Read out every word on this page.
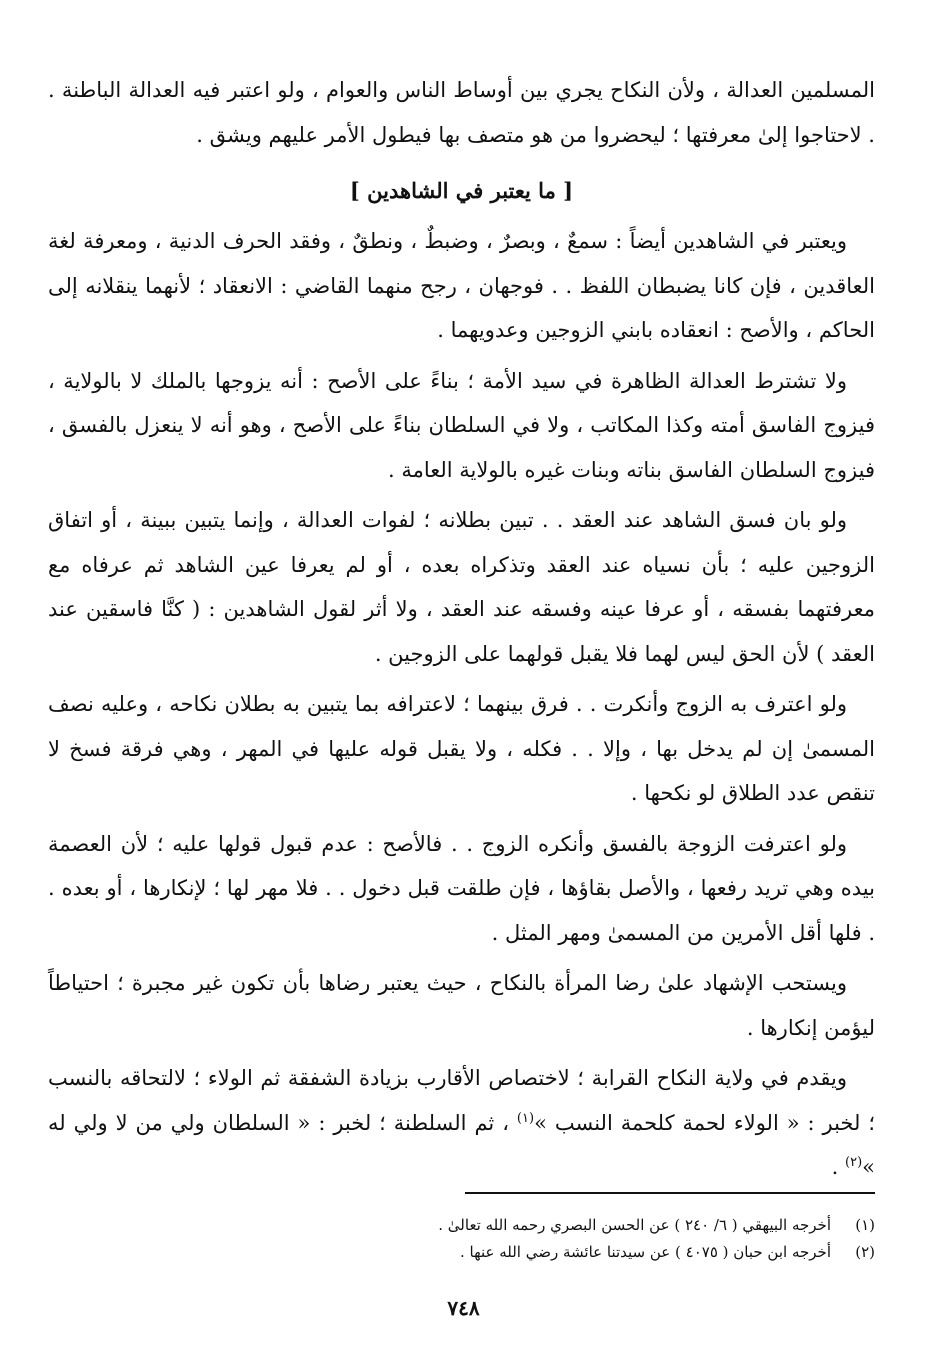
المسلمين العدالة ، ولأن النكاح يجري بين أوساط الناس والعوام ، ولو اعتبر فيه العدالة الباطنة . . لاحتاجوا إلىٰ معرفتها ؛ ليحضروا من هو متصف بها فيطول الأمر عليهم ويشق .

[ ما يعتبر في الشاهدين ]

ويعتبر في الشاهدين أيضاً : سمعٌ ، وبصرٌ ، وضبطٌ ، ونطقٌ ، وفقد الحرف الدنية ، ومعرفة لغة العاقدين ، فإن كانا يضبطان اللفظ . . فوجهان ، رجح منهما القاضي : الانعقاد ؛ لأنهما ينقلانه إلى الحاكم ، والأصح : انعقاده بابني الزوجين وعدويهما .

ولا تشترط العدالة الظاهرة في سيد الأمة ؛ بناءً على الأصح : أنه يزوجها بالملك لا بالولاية ، فيزوج الفاسق أمته وكذا المكاتب ، ولا في السلطان بناءً على الأصح ، وهو أنه لا ينعزل بالفسق ، فيزوج السلطان الفاسق بناته وبنات غيره بالولاية العامة .

ولو بان فسق الشاهد عند العقد . . تبين بطلانه ؛ لفوات العدالة ، وإنما يتبين ببينة ، أو اتفاق الزوجين عليه ؛ بأن نسياه عند العقد وتذكراه بعده ، أو لم يعرفا عين الشاهد ثم عرفاه مع معرفتهما بفسقه ، أو عرفا عينه وفسقه عند العقد ، ولا أثر لقول الشاهدين : ( كنَّا فاسقين عند العقد ) لأن الحق ليس لهما فلا يقبل قولهما على الزوجين .

ولو اعترف به الزوج وأنكرت . . فرق بينهما ؛ لاعترافه بما يتبين به بطلان نكاحه ، وعليه نصف المسمىٰ إن لم يدخل بها ، وإلا . . فكله ، ولا يقبل قوله عليها في المهر ، وهي فرقة فسخ لا تنقص عدد الطلاق لو نكحها .

ولو اعترفت الزوجة بالفسق وأنكره الزوج . . فالأصح : عدم قبول قولها عليه ؛ لأن العصمة بيده وهي تريد رفعها ، والأصل بقاؤها ، فإن طلقت قبل دخول . . فلا مهر لها ؛ لإنكارها ، أو بعده . . فلها أقل الأمرين من المسمىٰ ومهر المثل .

ويستحب الإشهاد علىٰ رضا المرأة بالنكاح ، حيث يعتبر رضاها بأن تكون غير مجبرة ؛ احتياطاً ليؤمن إنكارها .

ويقدم في ولاية النكاح القرابة ؛ لاختصاص الأقارب بزيادة الشفقة ثم الولاء ؛ لالتحاقه بالنسب ؛ لخبر : « الولاء لحمة كلحمة النسب »$^{(١)}$ ، ثم السلطنة ؛ لخبر : « السلطان ولي من لا ولي له »$^{(٢)}$ .

(١)
أخرجه البيهقي ( ٦/ ٢٤٠ ) عن الحسن البصري رحمه الله تعالىٰ .
(٢)
أخرجه ابن حبان ( ٤٠٧٥ ) عن سيدتنا عائشة رضي الله عنها .
٧٤٨
